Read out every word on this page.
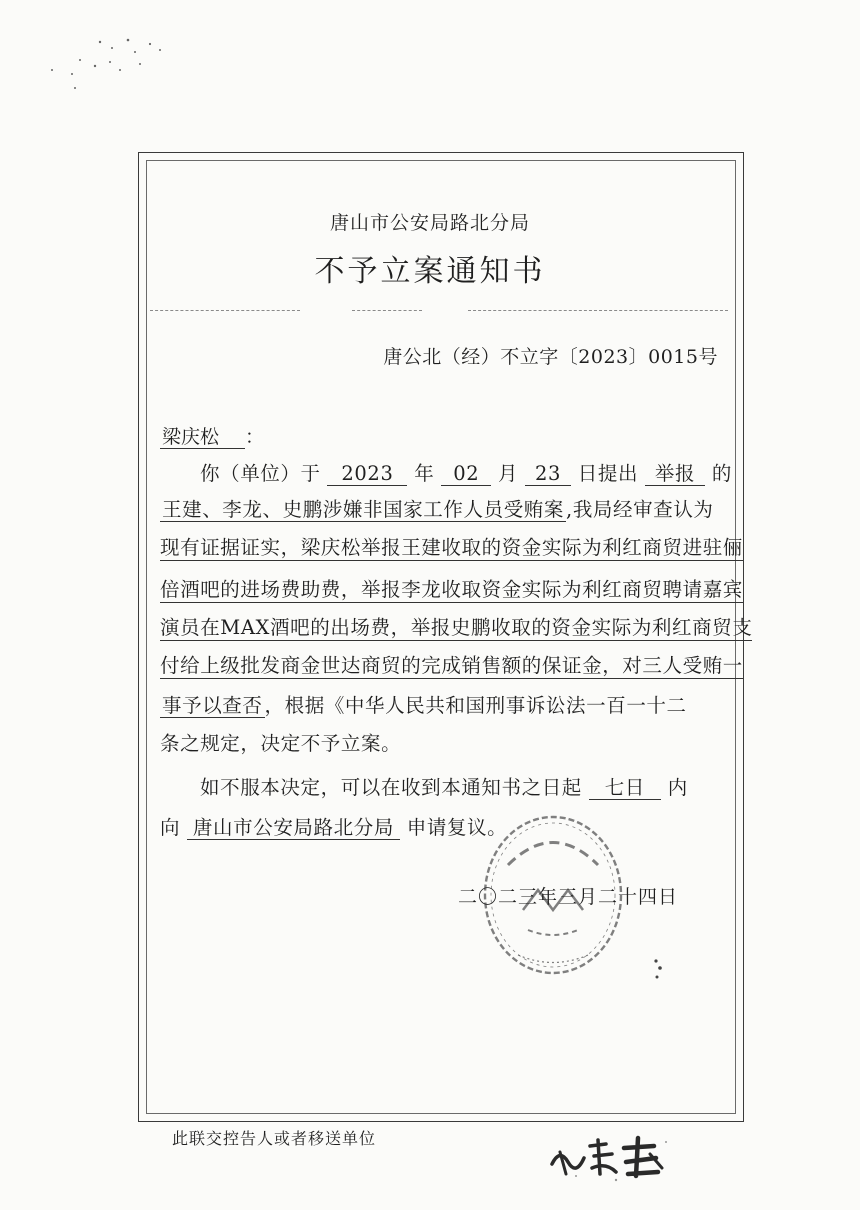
唐山市公安局路北分局
不予立案通知书
唐公北（经）不立字〔2023〕0015号
梁庆松 ：
你（单位）于 2023 年 02 月 23 日提出 举报 的
王建、李龙、史鹏涉嫌非国家工作人员受贿案 ,我局经审查认为
现有证据证实，梁庆松举报王建收取的资金实际为利红商贸进驻俪
倍酒吧的进场费助费，举报李龙收取资金实际为利红商贸聘请嘉宾
演员在MAX酒吧的出场费，举报史鹏收取的资金实际为利红商贸支
付给上级批发商金世达商贸的完成销售额的保证金，对三人受贿一
事予以查否 ，根据《中华人民共和国刑事诉讼法一百一十二
条之规定，决定不予立案。
如不服本决定，可以在收到本通知书之日起 七日 内
向 唐山市公安局路北分局 申请复议。
二〇二三年三月二十四日
此联交控告人或者移送单位
